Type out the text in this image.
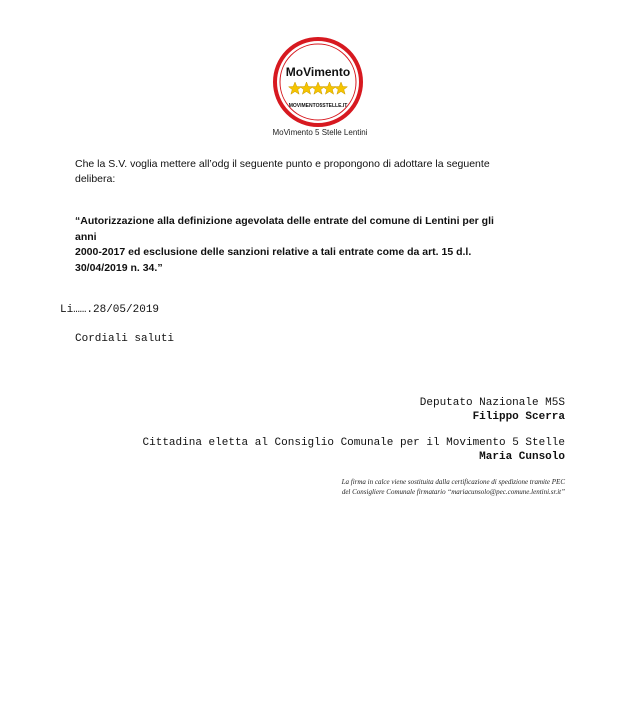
MoVimento
MOVIMENTO5STELLE.IT
MoVimento 5 Stelle Lentini
Che la S.V. voglia mettere all’odg il seguente punto e propongono di adottare la seguente
delibera:
“Autorizzazione alla definizione agevolata delle entrate del comune di Lentini per gli anni
2000-2017 ed esclusione delle sanzioni relative a tali entrate come da art. 15 d.l.
30/04/2019 n. 34.”
Li…….28/05/2019
Cordiali saluti
Deputato Nazionale M5S
Filippo Scerra
Cittadina eletta al Consiglio Comunale per il Movimento 5 Stelle
Maria Cunsolo
La firma in calce viene sostituita dalla certificazione di spedizione tramite PEC
del Consigliere Comunale firmatario “mariacunsolo@pec.comune.lentini.sr.it”
